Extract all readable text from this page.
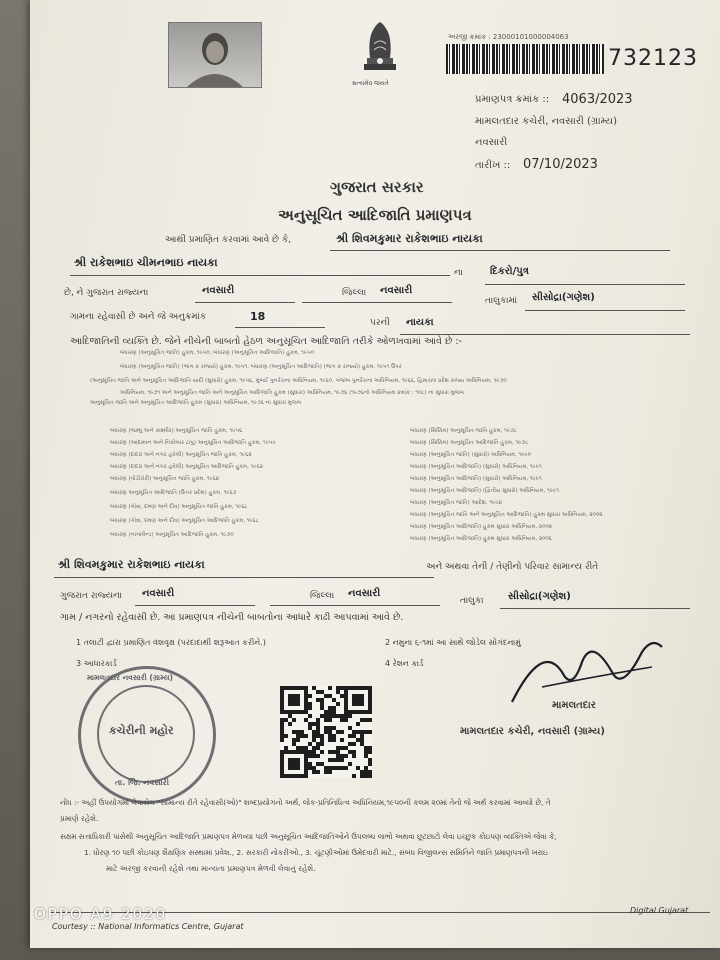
સત્યમેવ જયતે
અરજી ક્રમાંક : 23000101000004063
732123
પ્રમાણપત્ર ક્રમાંક :: 4063/2023
મામલતદાર કચેરી, નવસારી (ગ્રામ્ય)
નવસારી
તારીખ :: 07/10/2023
ગુજરાત સરકાર
અનુસૂચિત આદિજાતિ પ્રમાણપત્ર
આથી પ્રમાણિત કરવામાં આવે છે કે,	શ્રી શિવમકુમાર રાકેશભાઇ નાયકા
શ્રી રાકેશભાઇ ચીમનભાઇ નાયકા
ના	દિકરો/પુત્ર
છે, ને ગુજરાત રાજ્યના	નવસારી	જિલ્લા નવસારી
તાલુકામાં સીસોદ્રા(ગણેશ)
ગામના રહેવાસી છે અને જે અનુક્રમાંક	18	પરની નાયકા
આદિજાતિની વ્યક્તિ છે. જેને નીચેની બાબતો હેઠળ અનુસૂચિત આદિજાતિ તરીકે ઓળખવામાં આવે છે :-
બંધારણ (અનુસૂચિત જાતિ) હુકમ, ૧૯૫૦, બંધારણ (અનુસૂચિત આદિજાતિ) હુકમ, ૧૯૫૦
બંધારણ (અનુસૂચિત જાતિ) (ભાગ ક રાજ્યો) હુકમ, ૧૯૫૧, બંધારણ (અનુસૂચિત આદિજાતિ) (ભાગ ક રાજ્યો) હુકમ, ૧૯૫૧ ઉપર
(અનુસૂચિત જાતિ અને અનુસૂચિત આદિજાતિ યાદી (સુધારો) હુકમ, ૧૯૫૬, મુંબઈ પુનર્રચના અધિનિયમ, ૧૯૬૦, પંજાબ પુનર્રચના અધિનિયમ, ૧૯૬૬, હિમાચલ પ્રદેશ રાજ્ય અધિનિયમ, ૧૯૭૦
અધિનિયમ, ૧૯૭૧ અને અનુસૂચિત જાતિ અને અનુસૂચિત આદિજાતિ હુકમ (સુધારા) અધિનિયમ, ૧૯૭૬ (૧૯૭૬નો અધિનિયમ ક્રમાંક : ૧૦૮) ના સુધારા મુજબ
અનુસૂચિત જાતિ અને અનુસૂચિત આદિજાતિ હુકમ (સુધારા) અધિનિયમ, ૧૯૭૬ ના સુધારા મુજબ
બંધારણ (જમ્મુ અને કાશ્મીર) અનુસૂચિત જાતિ હુકમ, ૧૯૫૬
બંધારણ (આંદામાન અને નિકોબાર ટાપુ) અનુસૂચિત આદિજાતિ હુકમ, ૧૯૫૯
બંધારણ (દાદરા અને નગર હવેલી) અનુસૂચિત જાતિ હુકમ, ૧૯૬૨
બંધારણ (દાદરા અને નગર હવેલી) અનુસૂચિત આદિજાતિ હુકમ, ૧૯૬૨
બંધારણ (પોંડીચેરી) અનુસૂચિત જાતિ હુકમ, ૧૯૬૪
બંધારણ અનુસૂચિત આદિજાતિ (ઉત્તર પ્રદેશ) હુકમ, ૧૯૬૭
બંધારણ (ગોવા, દમણ અને દીવ) અનુસૂચિત જાતિ હુકમ, ૧૯૬૮
બંધારણ (ગોવા, દમણ અને દીવ) અનુસૂચિત આદિજાતિ હુકમ, ૧૯૬૮
બંધારણ (નાગાલેન્ડ) અનુસૂચિત આદિજાતિ હુકમ, ૧૯૭૦
બંધારણ (સિક્કિમ) અનુસૂચિત જાતિ હુકમ, ૧૯૭૮
બંધારણ (સિક્કિમ) અનુસૂચિત આદિજાતિ હુકમ, ૧૯૭૮
બંધારણ (અનુસૂચિત જાતિ) (સુધારો) અધિનિયમ, ૧૯૯૦
બંધારણ (અનુસૂચિત આદિજાતિ) (સુધારો) અધિનિયમ, ૧૯૯૧
બંધારણ (અનુસૂચિત આદિજાતિ) (સુધારો) અધિનિયમ, ૧૯૯૧
બંધારણ (અનુસૂચિત આદિજાતિ) (દ્વિતીય સુધારો) અધિનિયમ, ૧૯૯૧
બંધારણ (અનુસૂચિત જાતિ) આદેશ, ૧૯૯૪
બંધારણ (અનુસૂચિત જાતિ અને અનુસૂચિત આદિજાતિ) હુકમ સુધારા અધિનિયમ, ૨૦૦૨
બંધારણ (અનુસૂચિત આદિજાતિ) હુકમ સુધારા અધિનિયમ, ૨૦૦૨
બંધારણ (અનુસૂચિત આદિજાતિ) હુકમ સુધારા અધિનિયમ, ૨૦૦૬
શ્રી શિવમકુમાર રાકેશભાઇ નાયકા	અને અથવા તેની / તેણીનો પરિવાર સામાન્ય રીતે
ગુજરાત રાજ્યના નવસારી	જિલ્લા નવસારી
તાલુકા સીસોદ્રા(ગણેશ)
ગામ / નગરનો રહેવાસી છે. આ પ્રમાણપત્ર નીચેની બાબતોના આધારે કાઢી આપવામાં આવે છે.
1 તલાટી દ્વારા પ્રમાણિત વંશવૃક્ષ (પરદાદાથી શરૂઆત કરીને.)	2 નમુના ૬-૧માં આ સાથે જોડેલ સોગંદનામું
3 આધારકાર્ડ	4 રેશન કાર્ડ
મામલતદાર નવસારી (ગ્રામ્ય)
કચેરીની મહોર
તા. જિ. નવસારી
મામલતદાર
મામલતદાર કચેરી, નવસારી (ગ્રામ્ય)
નોંધ :- અહીં ઉપયોગમાં લેવાયેલ "સામાન્ય રીતે રહેવાસી(ઓ)" શબ્દપ્રયોગનો અર્થ, લોક-પ્રતિનિધિત્વ અધિનિયમ,૧૯૫૦ની કલમ ૨૦માં તેનો જે અર્થ કરવામાં આવ્યો છે, તે
પ્રમાણે રહેશે.
સક્ષમ સત્તાધિકારી પાસેથી અનુસૂચિત આદિજાતિ પ્રમાણપત્ર મેળવ્યા પછી અનુસૂચિત આદિજાતિઓને ઉપલબ્ધ લાભો અથવા છૂટછાટો લેવા ઇચ્છુક કોઇપણ વ્યક્તિએ જેવા કે,
1. ધોરણ ૧૦ પછી કોઇપણ શૈક્ષણિક સંસ્થામાં પ્રવેશ., 2. સરકારી નોકરીઓ., 3. ચૂંટણીઓમાં ઉમેદવારી માટે., સંબંધ વિજીલન્સ સમિતિને જાતિ પ્રમાણપત્રની ખરાઇ
માટે અરજી કરવાની રહેશે તથા માન્યતા પ્રમાણપત્ર મેળવી લેવાનું રહેશે.
Courtesy :: National Informatics Centre, Gujarat
Digital Gujarat
OPPO A9 2020
